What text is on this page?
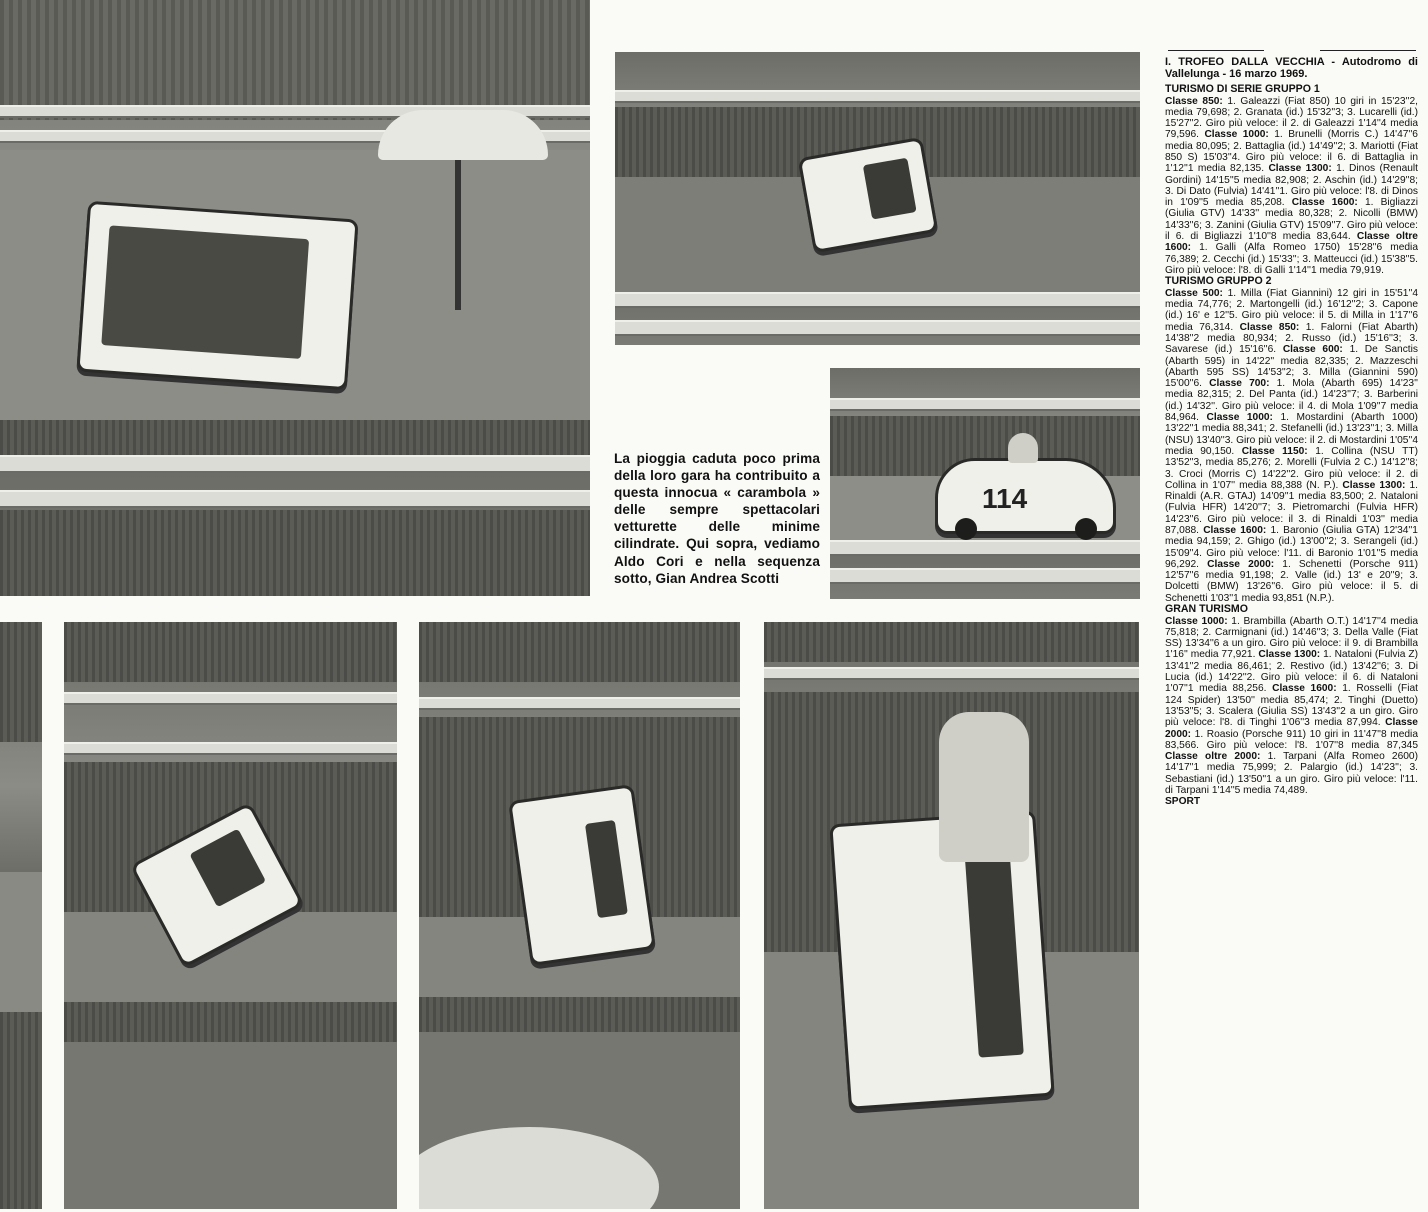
114
La pioggia caduta poco prima della loro gara ha contribuito a questa innocua « carambola » delle sempre spettacolari vetturette delle minime cilindrate. Qui sopra, vediamo Aldo Cori e nella sequenza sotto, Gian Andrea Scotti
I. TROFEO DALLA VECCHIA - Autodromo di Vallelunga - 16 marzo 1969.
TURISMO DI SERIE GRUPPO 1

Classe 850: 1. Galeazzi (Fiat 850) 10 giri in 15'23''2, media 79,698; 2. Granata (id.) 15'32''3; 3. Lucarelli (id.) 15'27''2. Giro più veloce: il 2. di Galeazzi 1'14''4 media 79,596. Classe 1000: 1. Brunelli (Morris C.) 14'47''6 media 80,095; 2. Battaglia (id.) 14'49''2; 3. Mariotti (Fiat 850 S) 15'03''4. Giro più veloce: il 6. di Battaglia in 1'12''1 media 82,135. Classe 1300: 1. Dinos (Renault Gordini) 14'15''5 media 82,908; 2. Aschin (id.) 14'29''8; 3. Di Dato (Fulvia) 14'41''1. Giro più veloce: l'8. di Dinos in 1'09''5 media 85,208. Classe 1600: 1. Bigliazzi (Giulia GTV) 14'33'' media 80,328; 2. Nicolli (BMW) 14'33''6; 3. Zanini (Giulia GTV) 15'09''7. Giro più veloce: il 6. di Bigliazzi 1'10''8 media 83,644. Classe oltre 1600: 1. Galli (Alfa Romeo 1750) 15'28''6 media 76,389; 2. Cecchi (id.) 15'33''; 3. Matteucci (id.) 15'38''5. Giro più veloce: l'8. di Galli 1'14''1 media 79,919.

TURISMO GRUPPO 2

Classe 500: 1. Milla (Fiat Giannini) 12 giri in 15'51''4 media 74,776; 2. Martongelli (id.) 16'12''2; 3. Capone (id.) 16' e 12''5. Giro più veloce: il 5. di Milla in 1'17''6 media 76,314. Classe 850: 1. Falorni (Fiat Abarth) 14'38''2 media 80,934; 2. Russo (id.) 15'16''3; 3. Savarese (id.) 15'16''6. Classe 600: 1. De Sanctis (Abarth 595) in 14'22'' media 82,335; 2. Mazzeschi (Abarth 595 SS) 14'53''2; 3. Milla (Giannini 590) 15'00''6. Classe 700: 1. Mola (Abarth 695) 14'23'' media 82,315; 2. Del Panta (id.) 14'23''7; 3. Barberini (id.) 14'32''. Giro più veloce: il 4. di Mola 1'09''7 media 84,964. Classe 1000: 1. Mostardini (Abarth 1000) 13'22''1 media 88,341; 2. Stefanelli (id.) 13'23''1; 3. Milla (NSU) 13'40''3. Giro più veloce: il 2. di Mostardini 1'05''4 media 90,150. Classe 1150: 1. Collina (NSU TT) 13'52''3, media 85,276; 2. Morelli (Fulvia 2 C.) 14'12''8; 3. Croci (Morris C) 14'22''2. Giro più veloce: il 2. di Collina in 1'07'' media 88,388 (N. P.). Classe 1300: 1. Rinaldi (A.R. GTAJ) 14'09''1 media 83,500; 2. Nataloni (Fulvia HFR) 14'20''7; 3. Pietromarchi (Fulvia HFR) 14'23''6. Giro più veloce: il 3. di Rinaldi 1'03'' media 87,088. Classe 1600: 1. Baronio (Giulia GTA) 12'34''1 media 94,159; 2. Ghigo (id.) 13'00''2; 3. Serangeli (id.) 15'09''4. Giro più veloce: l'11. di Baronio 1'01''5 media 96,292. Classe 2000: 1. Schenetti (Porsche 911) 12'57''6 media 91,198; 2. Valle (id.) 13' e 20''9; 3. Dolcetti (BMW) 13'26''6. Giro più veloce: il 5. di Schenetti 1'03''1 media 93,851 (N.P.).

GRAN TURISMO

Classe 1000: 1. Brambilla (Abarth O.T.) 14'17''4 media 75,818; 2. Carmignani (id.) 14'46''3; 3. Della Valle (Fiat SS) 13'34''6 a un giro. Giro più veloce: il 9. di Brambilla 1'16'' media 77,921. Classe 1300: 1. Nataloni (Fulvia Z) 13'41''2 media 86,461; 2. Restivo (id.) 13'42''6; 3. Di Lucia (id.) 14'22''2. Giro più veloce: il 6. di Nataloni 1'07''1 media 88,256. Classe 1600: 1. Rosselli (Fiat 124 Spider) 13'50'' media 85,474; 2. Tinghi (Duetto) 13'53''5; 3. Scalera (Giulia SS) 13'43''2 a un giro. Giro più veloce: l'8. di Tinghi 1'06''3 media 87,994. Classe 2000: 1. Roasio (Porsche 911) 10 giri in 11'47''8 media 83,566. Giro più veloce: l'8. 1'07''8 media 87,345 Classe oltre 2000: 1. Tarpani (Alfa Romeo 2600) 14'17''1 media 75,999; 2. Palargio (id.) 14'23''; 3. Sebastiani (id.) 13'50''1 a un giro. Giro più veloce: l'11. di Tarpani 1'14''5 media 74,489.

SPORT
